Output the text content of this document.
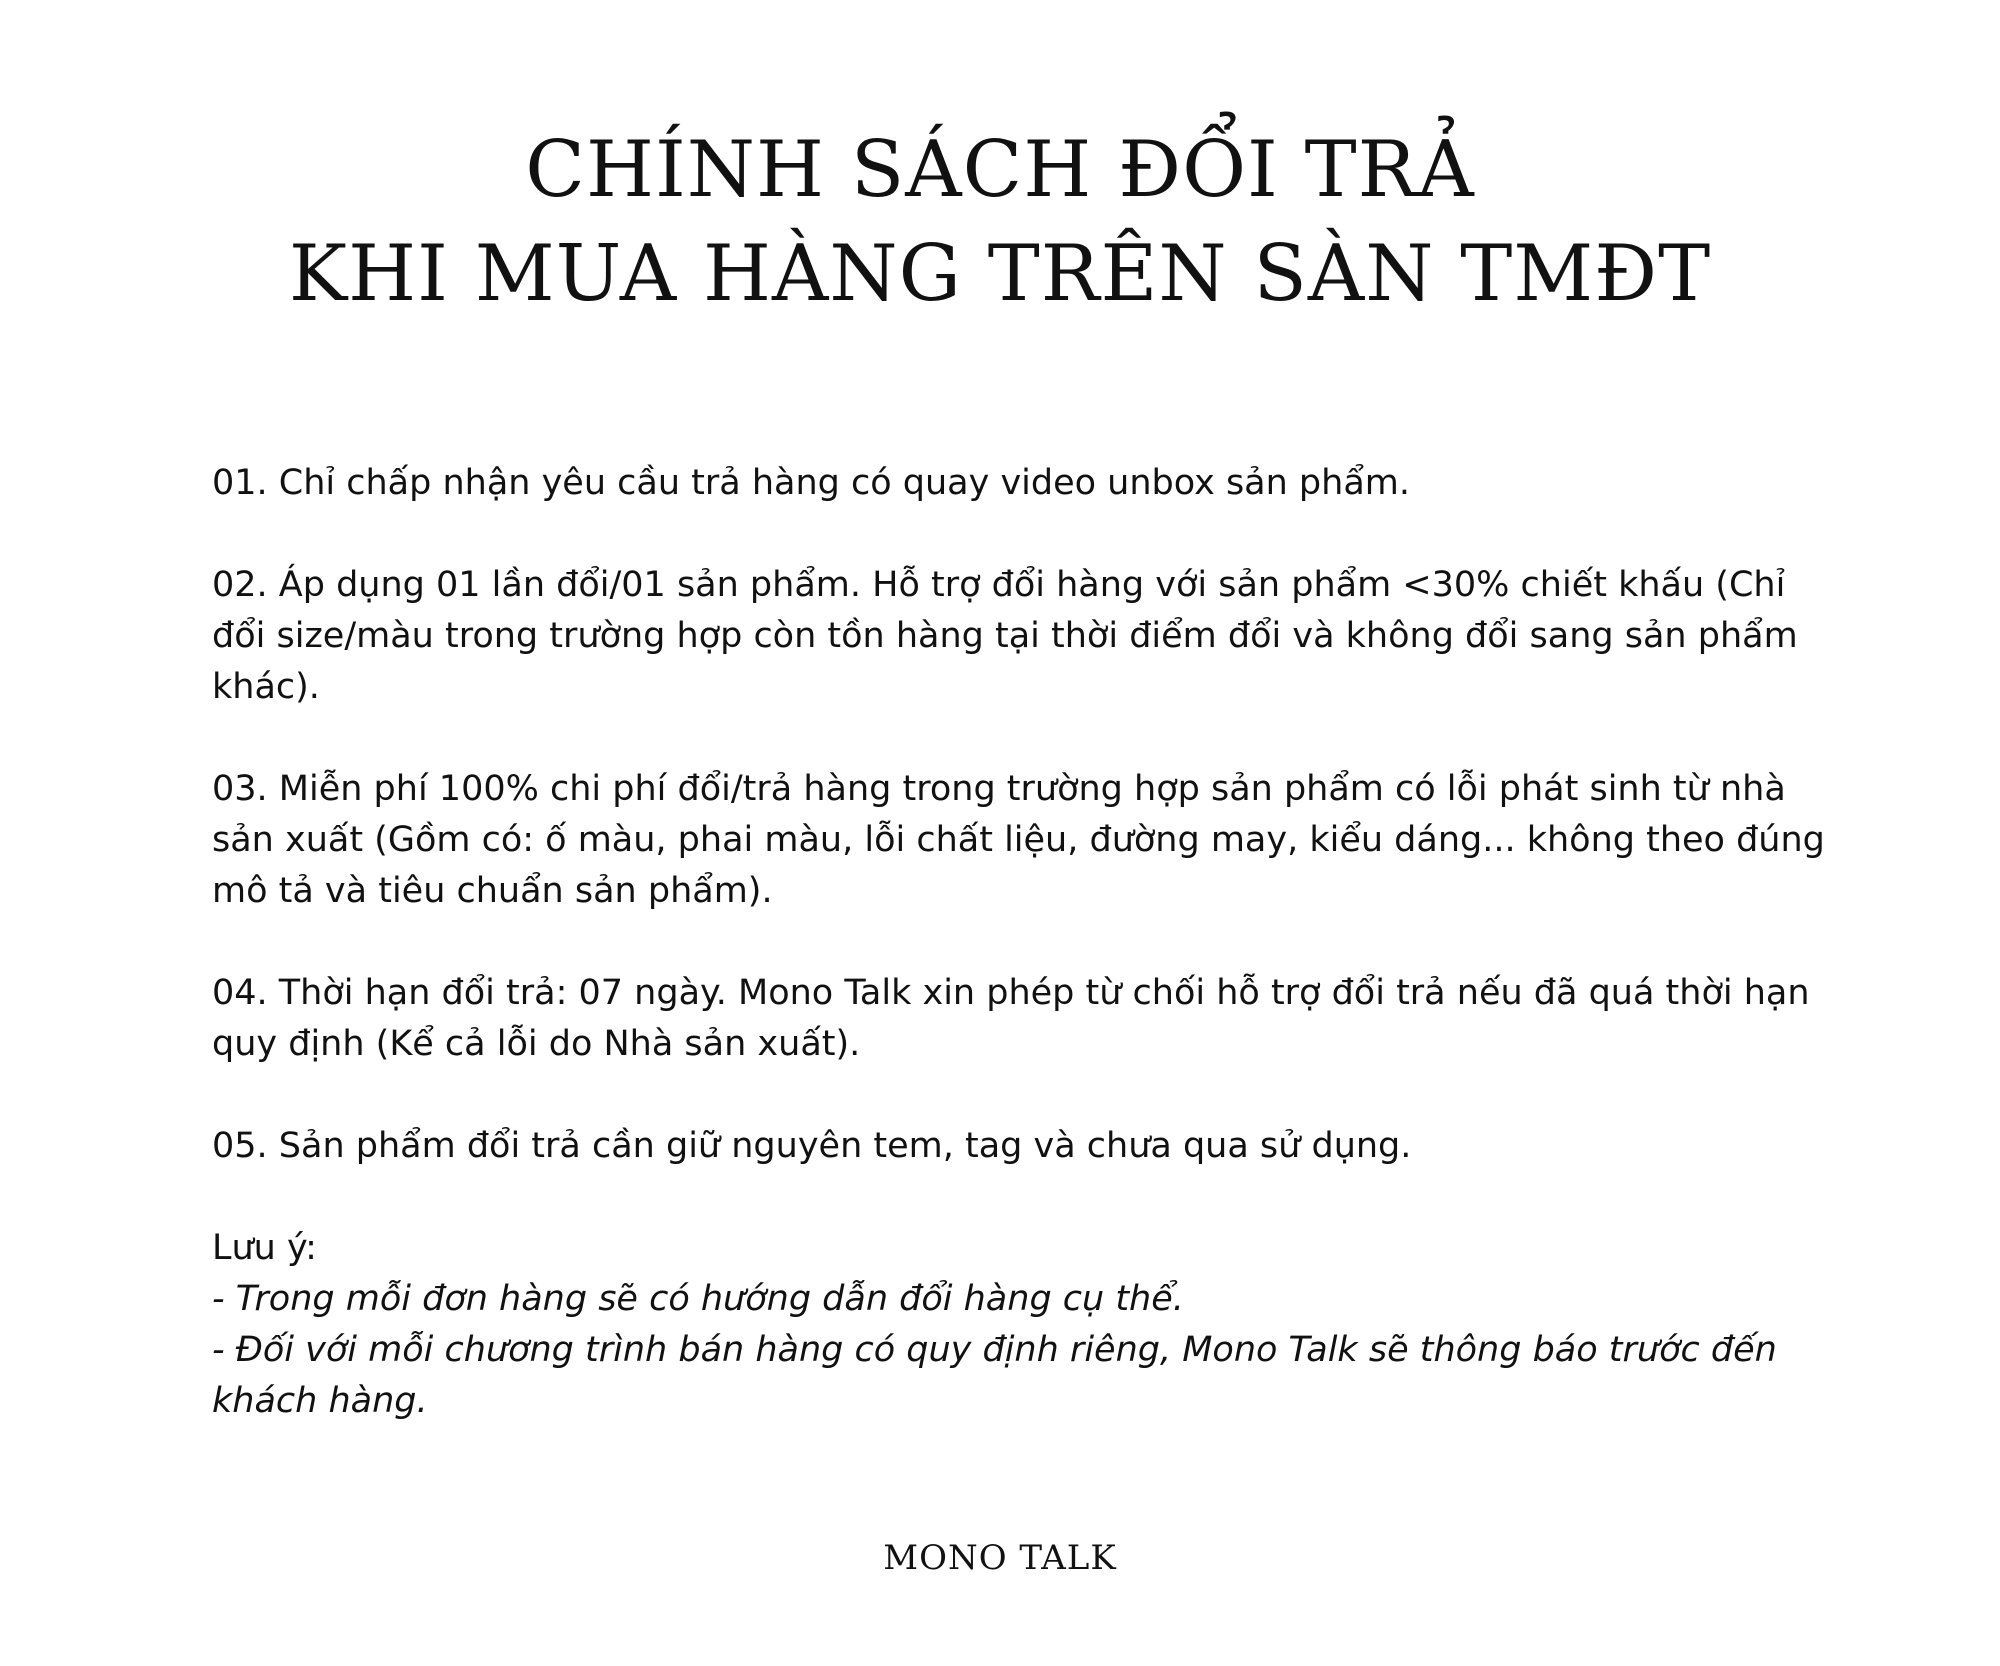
CHÍNH SÁCH ĐỔI TRẢ
KHI MUA HÀNG TRÊN SÀN TMĐT

01. Chỉ chấp nhận yêu cầu trả hàng có quay video unbox sản phẩm.

02. Áp dụng 01 lần đổi/01 sản phẩm. Hỗ trợ đổi hàng với sản phẩm <30% chiết khấu (Chỉ đổi size/màu trong trường hợp còn tồn hàng tại thời điểm đổi và không đổi sang sản phẩm khác).

03. Miễn phí 100% chi phí đổi/trả hàng trong trường hợp sản phẩm có lỗi phát sinh từ nhà sản xuất (Gồm có: ố màu, phai màu, lỗi chất liệu, đường may, kiểu dáng... không theo đúng mô tả và tiêu chuẩn sản phẩm).

04. Thời hạn đổi trả: 07 ngày. Mono Talk xin phép từ chối hỗ trợ đổi trả nếu đã quá thời hạn quy định (Kể cả lỗi do Nhà sản xuất).

05. Sản phẩm đổi trả cần giữ nguyên tem, tag và chưa qua sử dụng.

Lưu ý:

- Trong mỗi đơn hàng sẽ có hướng dẫn đổi hàng cụ thể.

- Đối với mỗi chương trình bán hàng có quy định riêng, Mono Talk sẽ thông báo trước đến khách hàng.

MONO TALK
